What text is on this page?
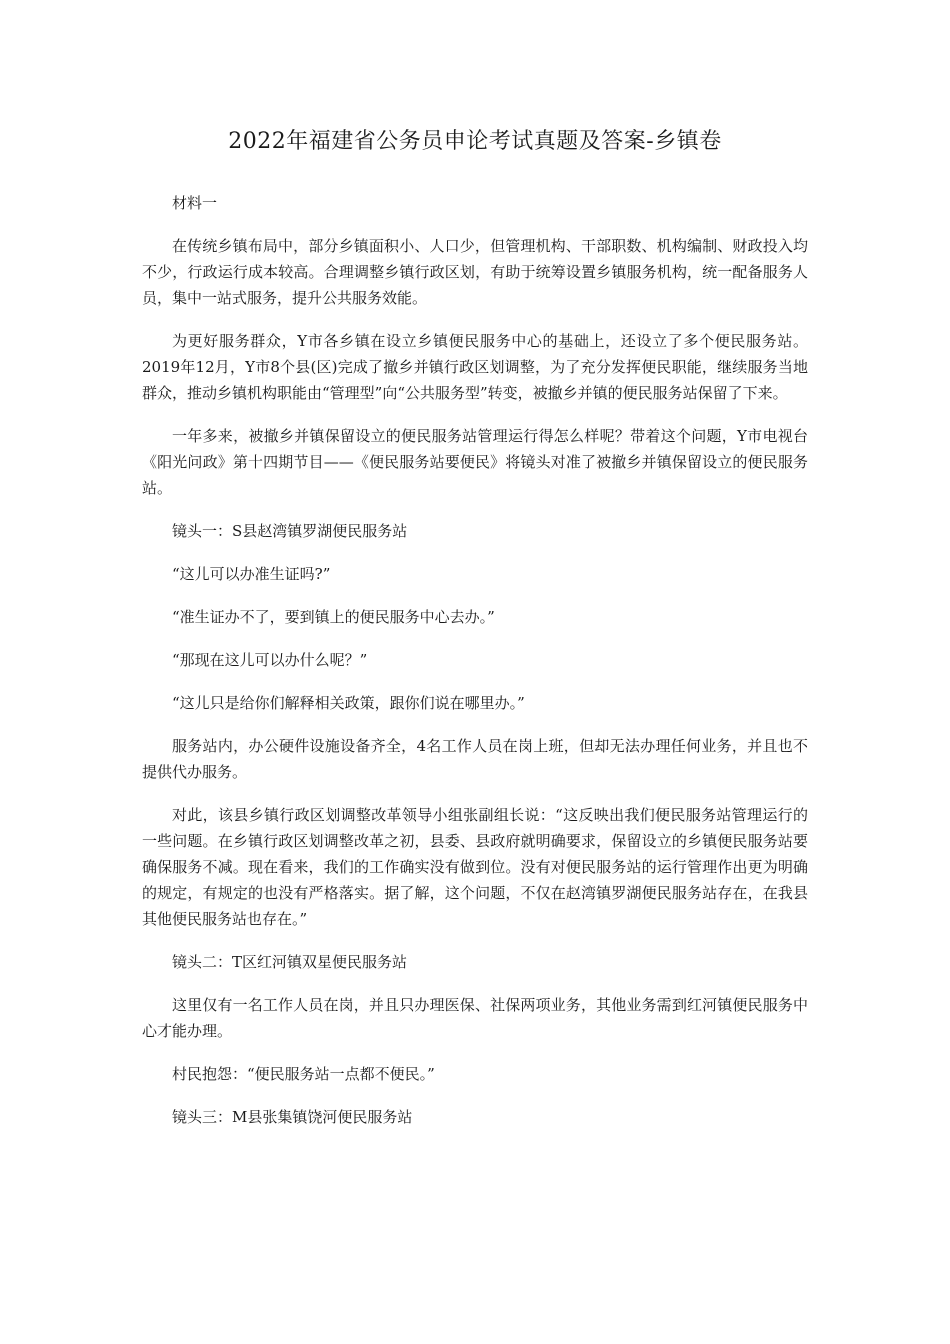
2022年福建省公务员申论考试真题及答案-乡镇卷

材料一

在传统乡镇布局中，部分乡镇面积小、人口少，但管理机构、干部职数、机构编制、财政投入均不少，行政运行成本较高。合理调整乡镇行政区划，有助于统筹设置乡镇服务机构，统一配备服务人员，集中一站式服务，提升公共服务效能。

为更好服务群众，Y市各乡镇在设立乡镇便民服务中心的基础上，还设立了多个便民服务站。2019年12月，Y市8个县(区)完成了撤乡并镇行政区划调整，为了充分发挥便民职能，继续服务当地群众，推动乡镇机构职能由“管理型”向“公共服务型”转变，被撤乡并镇的便民服务站保留了下来。

一年多来，被撤乡并镇保留设立的便民服务站管理运行得怎么样呢？带着这个问题，Y市电视台《阳光问政》第十四期节目——《便民服务站要便民》将镜头对准了被撤乡并镇保留设立的便民服务站。

镜头一：S县赵湾镇罗湖便民服务站

“这儿可以办准生证吗?”

“准生证办不了，要到镇上的便民服务中心去办。”

“那现在这儿可以办什么呢？”

“这儿只是给你们解释相关政策，跟你们说在哪里办。”

服务站内，办公硬件设施设备齐全，4名工作人员在岗上班，但却无法办理任何业务，并且也不提供代办服务。

对此，该县乡镇行政区划调整改革领导小组张副组长说：“这反映出我们便民服务站管理运行的一些问题。在乡镇行政区划调整改革之初，县委、县政府就明确要求，保留设立的乡镇便民服务站要确保服务不减。现在看来，我们的工作确实没有做到位。没有对便民服务站的运行管理作出更为明确的规定，有规定的也没有严格落实。据了解，这个问题，不仅在赵湾镇罗湖便民服务站存在，在我县其他便民服务站也存在。”

镜头二：T区红河镇双星便民服务站

这里仅有一名工作人员在岗，并且只办理医保、社保两项业务，其他业务需到红河镇便民服务中心才能办理。

村民抱怨：“便民服务站一点都不便民。”

镜头三：M县张集镇饶河便民服务站
